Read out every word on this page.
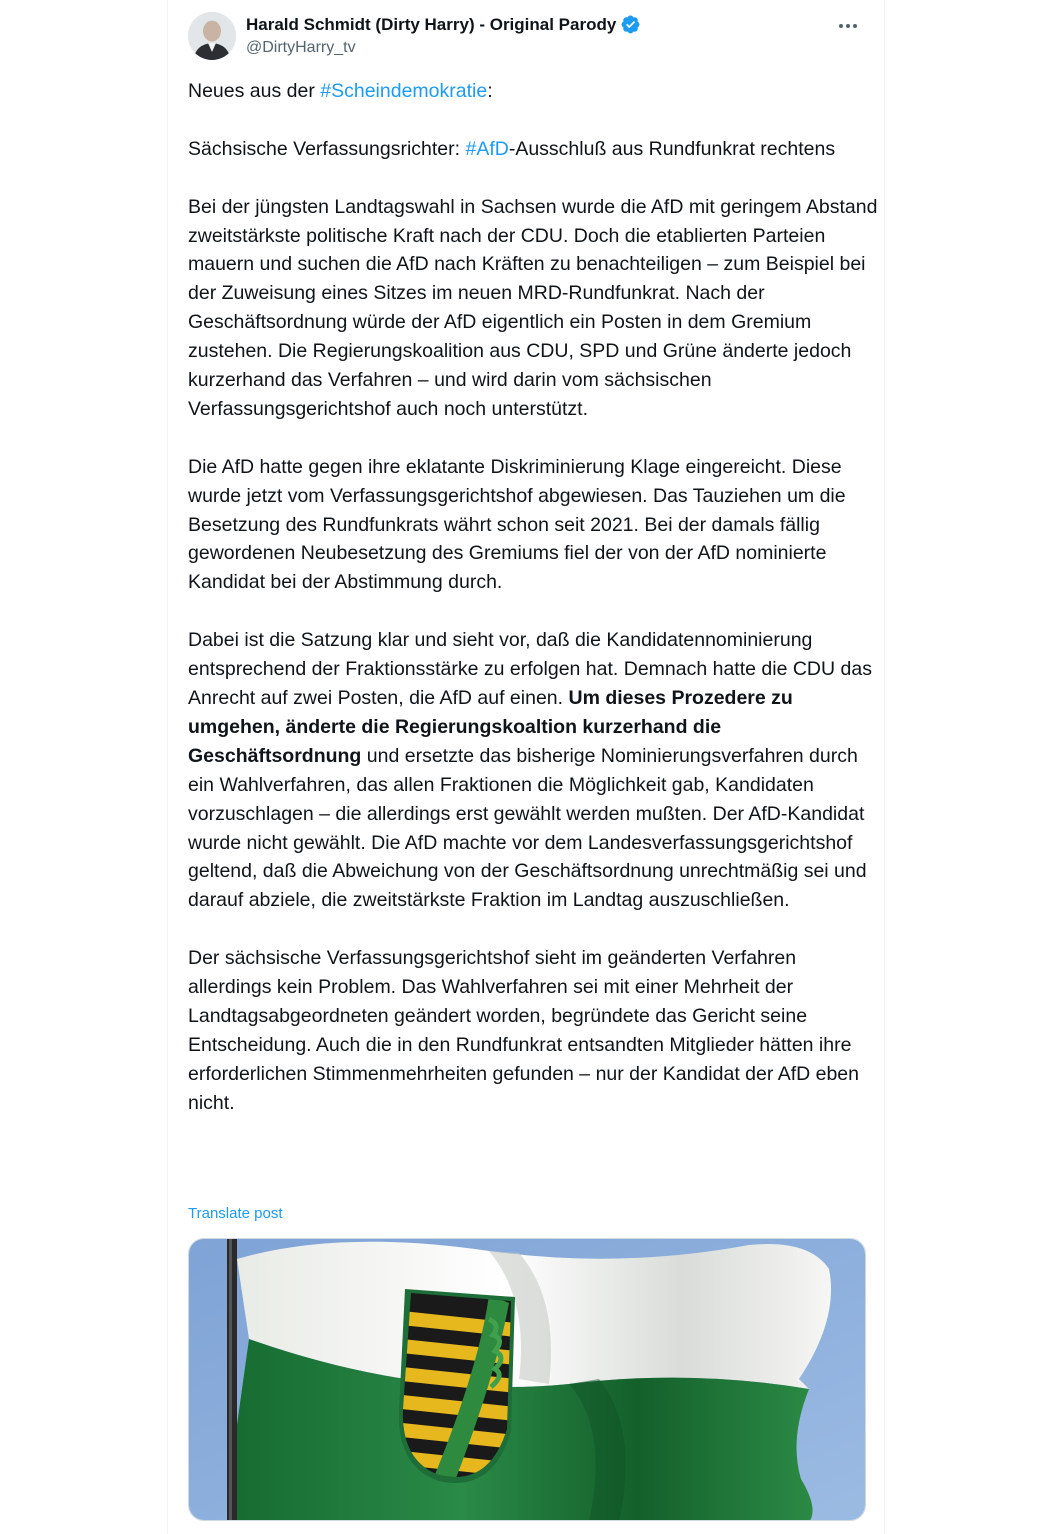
Harald Schmidt (Dirty Harry) - Original Parody
@DirtyHarry_tv

Neues aus der #Scheindemokratie:

Sächsische Verfassungsrichter: #AfD-Ausschluß aus Rundfunkrat rechtens

Bei der jüngsten Landtagswahl in Sachsen wurde die AfD mit geringem Abstand zweitstärkste politische Kraft nach der CDU. Doch die etablierten Parteien mauern und suchen die AfD nach Kräften zu benachteiligen – zum Beispiel bei der Zuweisung eines Sitzes im neuen MRD-Rundfunkrat. Nach der Geschäftsordnung würde der AfD eigentlich ein Posten in dem Gremium zustehen. Die Regierungskoalition aus CDU, SPD und Grüne änderte jedoch kurzerhand das Verfahren – und wird darin vom sächsischen Verfassungsgerichtshof auch noch unterstützt.

Die AfD hatte gegen ihre eklatante Diskriminierung Klage eingereicht. Diese wurde jetzt vom Verfassungsgerichtshof abgewiesen. Das Tauziehen um die Besetzung des Rundfunkrats währt schon seit 2021. Bei der damals fällig gewordenen Neubesetzung des Gremiums fiel der von der AfD nominierte Kandidat bei der Abstimmung durch.

Dabei ist die Satzung klar und sieht vor, daß die Kandidatennominierung entsprechend der Fraktionsstärke zu erfolgen hat. Demnach hatte die CDU das Anrecht auf zwei Posten, die AfD auf einen. Um dieses Prozedere zu umgehen, änderte die Regierungskoaltion kurzerhand die Geschäftsordnung und ersetzte das bisherige Nominierungsverfahren durch ein Wahlverfahren, das allen Fraktionen die Möglichkeit gab, Kandidaten vorzuschlagen – die allerdings erst gewählt werden mußten. Der AfD-Kandidat wurde nicht gewählt. Die AfD machte vor dem Landesverfassungsgerichtshof geltend, daß die Abweichung von der Geschäftsordnung unrechtmäßig sei und darauf abziele, die zweitstärkste Fraktion im Landtag auszuschließen.

Der sächsische Verfassungsgerichtshof sieht im geänderten Verfahren allerdings kein Problem. Das Wahlverfahren sei mit einer Mehrheit der Landtagsabgeordneten geändert worden, begründete das Gericht seine Entscheidung. Auch die in den Rundfunkrat entsandten Mitglieder hätten ihre erforderlichen Stimmenmehrheiten gefunden – nur der Kandidat der AfD eben nicht.

Translate post
